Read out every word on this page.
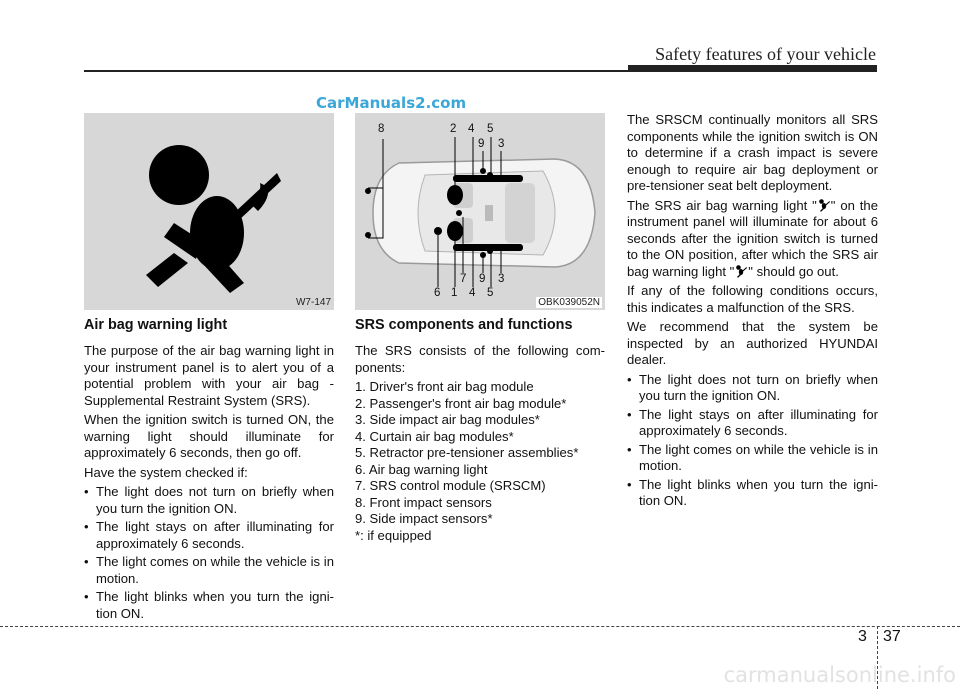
Safety features of your vehicle
CarManuals2.com
W7-147
8	2 4 5
9 3
6 1
7
4
9
5
3
OBK039052N
Air bag warning light

The purpose of the air bag warning light in your instrument panel is to alert you of a potential problem with your air bag - Supplemental Restraint System (SRS).

When the ignition switch is turned ON, the warning light should illuminate for approximately 6 seconds, then go off.

Have the system checked if:

• The light does not turn on briefly when you turn the ignition ON.
• The light stays on after illuminating for approximately 6 seconds.
• The light comes on while the vehicle is in motion.
• The light blinks when you turn the igni- tion ON.
SRS components and functions

The SRS consists of the following com- ponents:

1. Driver's front air bag module
2. Passenger's front air bag module*
3. Side impact air bag modules*
4. Curtain air bag modules*
5. Retractor pre-tensioner assemblies*
6. Air bag warning light
7. SRS control module (SRSCM)
8. Front impact sensors
9. Side impact sensors*
*: if equipped

The SRSCM continually monitors all SRS components while the ignition switch is ON to determine if a crash impact is severe enough to require air bag deployment or pre-tensioner seat belt deployment.

The SRS air bag warning light " " on the instrument panel will illuminate for about 6 seconds after the ignition switch is turned to the ON position, after which the SRS air bag warning light " " should go out.

If any of the following conditions occurs, this indicates a malfunction of the SRS.

We recommend that the system be inspected by an authorized HYUNDAI dealer.

• The light does not turn on briefly when you turn the ignition ON.
• The light stays on after illuminating for approximately 6 seconds.
• The light comes on while the vehicle is in motion.
• The light blinks when you turn the igni- tion ON.
3 37
carmanualsonline.info
